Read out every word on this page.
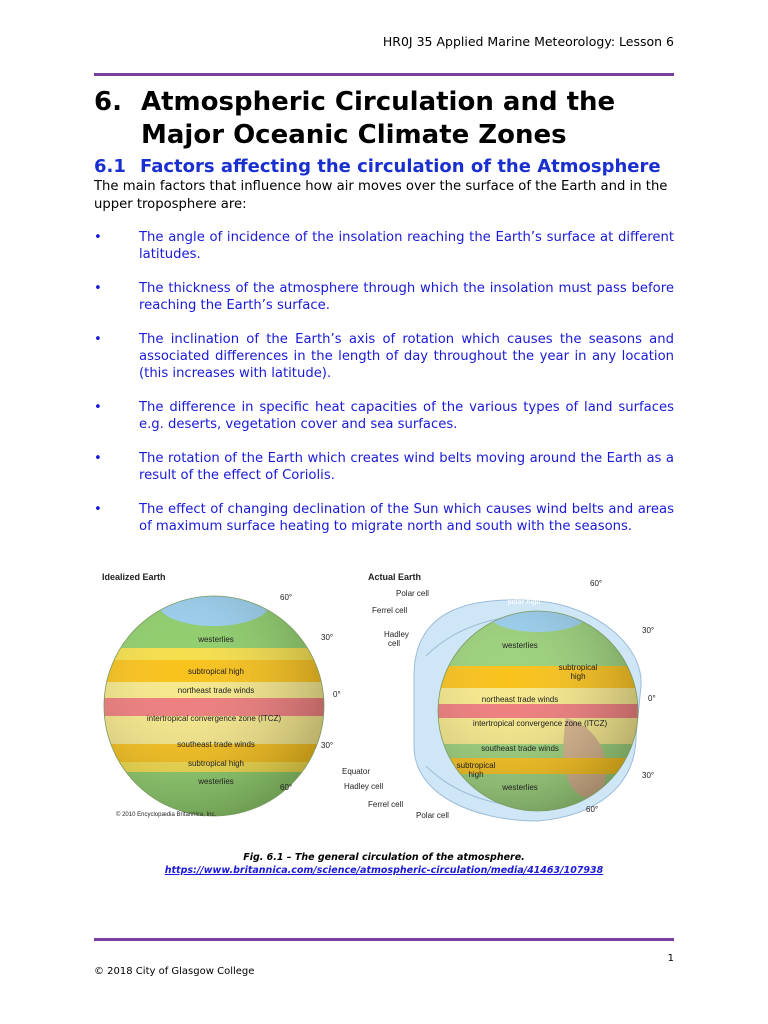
HR0J 35 Applied Marine Meteorology: Lesson 6
6. Atmospheric Circulation and the
Major Oceanic Climate Zones
6.1 Factors affecting the circulation of the Atmosphere
The main factors that influence how air moves over the surface of the Earth and in the upper troposphere are:
•	The angle of incidence of the insolation reaching the Earth’s surface at different latitudes.
•	The thickness of the atmosphere through which the insolation must pass before reaching the Earth’s surface.
•	The inclination of the Earth’s axis of rotation which causes the seasons and associated differences in the length of day throughout the year in any location (this increases with latitude).
•	The difference in specific heat capacities of the various types of land surfaces e.g. deserts, vegetation cover and sea surfaces.
•	The rotation of the Earth which creates wind belts moving around the Earth as a result of the effect of Coriolis.
•	The effect of changing declination of the Sun which causes wind belts and areas of maximum surface heating to migrate north and south with the seasons.
Idealized Earth
polar high
westerlies
subtropical high
northeast trade winds
intertropical convergence zone (ITCZ)
southeast trade winds
subtropical high
westerlies
60°
30°
0°
30°
60°
© 2010 Encyclopædia Britannica, Inc.
Actual Earth
Polar cell
Ferrel cell
Hadley
cell
polar high
westerlies
subtropical
high
northeast trade winds
intertropical convergence zone (ITCZ)
southeast trade winds
subtropical
high
westerlies
Equator
Hadley cell
Ferrel cell
Polar cell
60°
30°
0°
30°
60°
Fig. 6.1 – The general circulation of the atmosphere.
https://www.britannica.com/science/atmospheric-circulation/media/41463/107938
1
© 2018 City of Glasgow College
